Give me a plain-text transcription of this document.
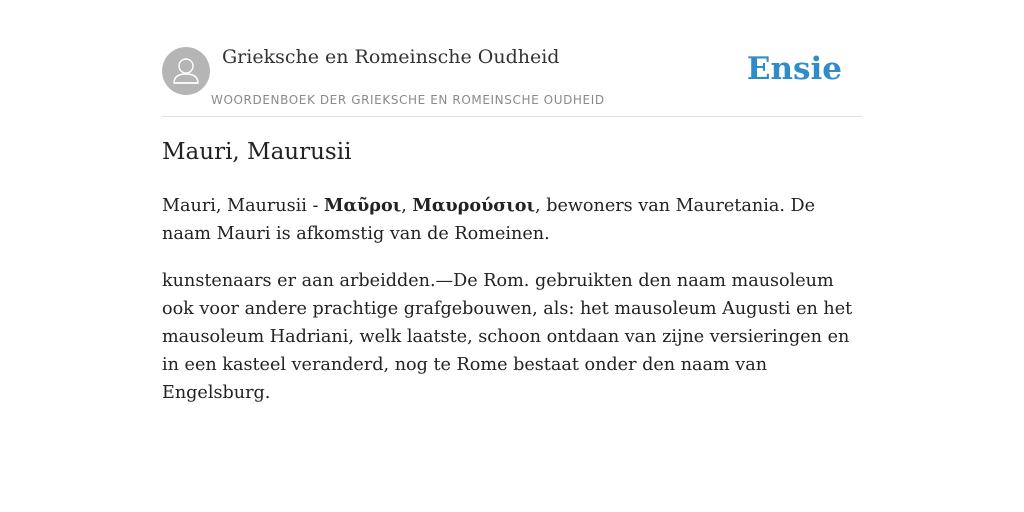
Grieksche en Romeinsche Oudheid
WOORDENBOEK DER GRIEKSCHE EN ROMEINSCHE OUDHEID
Ensie
Mauri, Maurusii

Mauri, Maurusii - Μαῦροι, Μαυρούσιοι, bewoners van Mauretania. De naam Mauri is afkomstig van de Romeinen.

kunstenaars er aan arbeidden.—De Rom. gebruikten den naam mausoleum ook voor andere prachtige grafgebouwen, als: het mausoleum Augusti en het mausoleum Hadriani, welk laatste, schoon ontdaan van zijne versieringen en in een kasteel veranderd, nog te Rome bestaat onder den naam van Engelsburg.
